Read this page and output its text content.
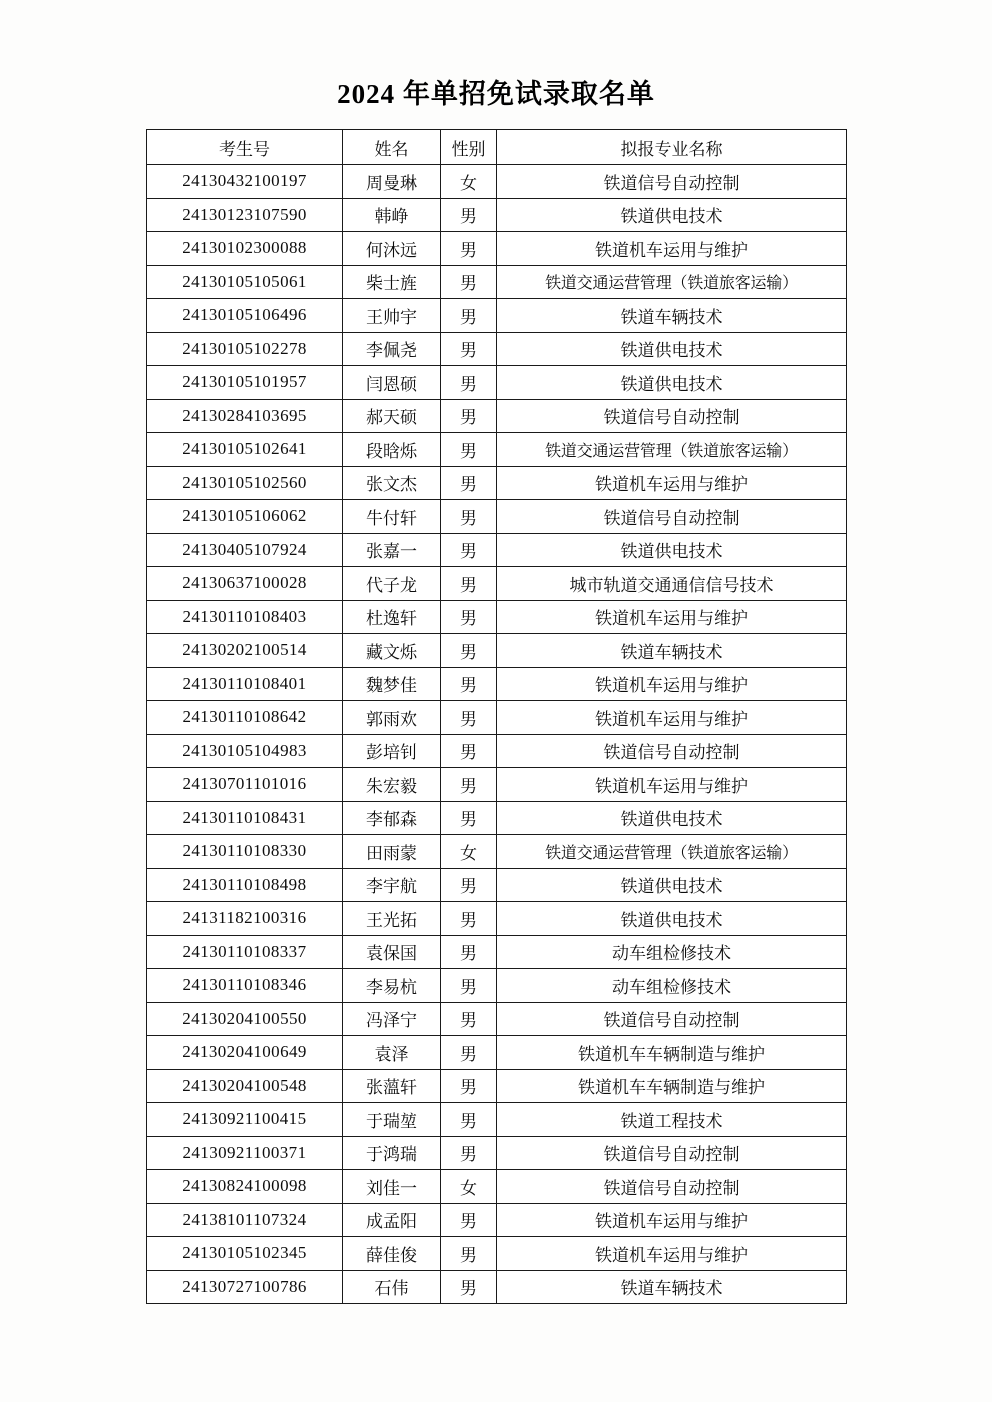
2024 年单招免试录取名单
考生号	姓名	性别	拟报专业名称
24130432100197	周曼琳	女	铁道信号自动控制
24130123107590	韩峥	男	铁道供电技术
24130102300088	何沐远	男	铁道机车运用与维护
24130105105061	柴士旌	男	铁道交通运营管理（铁道旅客运输）
24130105106496	王帅宇	男	铁道车辆技术
24130105102278	李佩尧	男	铁道供电技术
24130105101957	闫恩硕	男	铁道供电技术
24130284103695	郝天硕	男	铁道信号自动控制
24130105102641	段晗烁	男	铁道交通运营管理（铁道旅客运输）
24130105102560	张文杰	男	铁道机车运用与维护
24130105106062	牛付轩	男	铁道信号自动控制
24130405107924	张嘉一	男	铁道供电技术
24130637100028	代子龙	男	城市轨道交通通信信号技术
24130110108403	杜逸轩	男	铁道机车运用与维护
24130202100514	藏文烁	男	铁道车辆技术
24130110108401	魏梦佳	男	铁道机车运用与维护
24130110108642	郭雨欢	男	铁道机车运用与维护
24130105104983	彭培钊	男	铁道信号自动控制
24130701101016	朱宏毅	男	铁道机车运用与维护
24130110108431	李郁森	男	铁道供电技术
24130110108330	田雨蒙	女	铁道交通运营管理（铁道旅客运输）
24130110108498	李宇航	男	铁道供电技术
24131182100316	王光拓	男	铁道供电技术
24130110108337	袁保国	男	动车组检修技术
24130110108346	李易杭	男	动车组检修技术
24130204100550	冯泽宁	男	铁道信号自动控制
24130204100649	袁泽	男	铁道机车车辆制造与维护
24130204100548	张薀轩	男	铁道机车车辆制造与维护
24130921100415	于瑞堃	男	铁道工程技术
24130921100371	于鸿瑞	男	铁道信号自动控制
24130824100098	刘佳一	女	铁道信号自动控制
24138101107324	成孟阳	男	铁道机车运用与维护
24130105102345	薛佳俊	男	铁道机车运用与维护
24130727100786	石伟	男	铁道车辆技术
